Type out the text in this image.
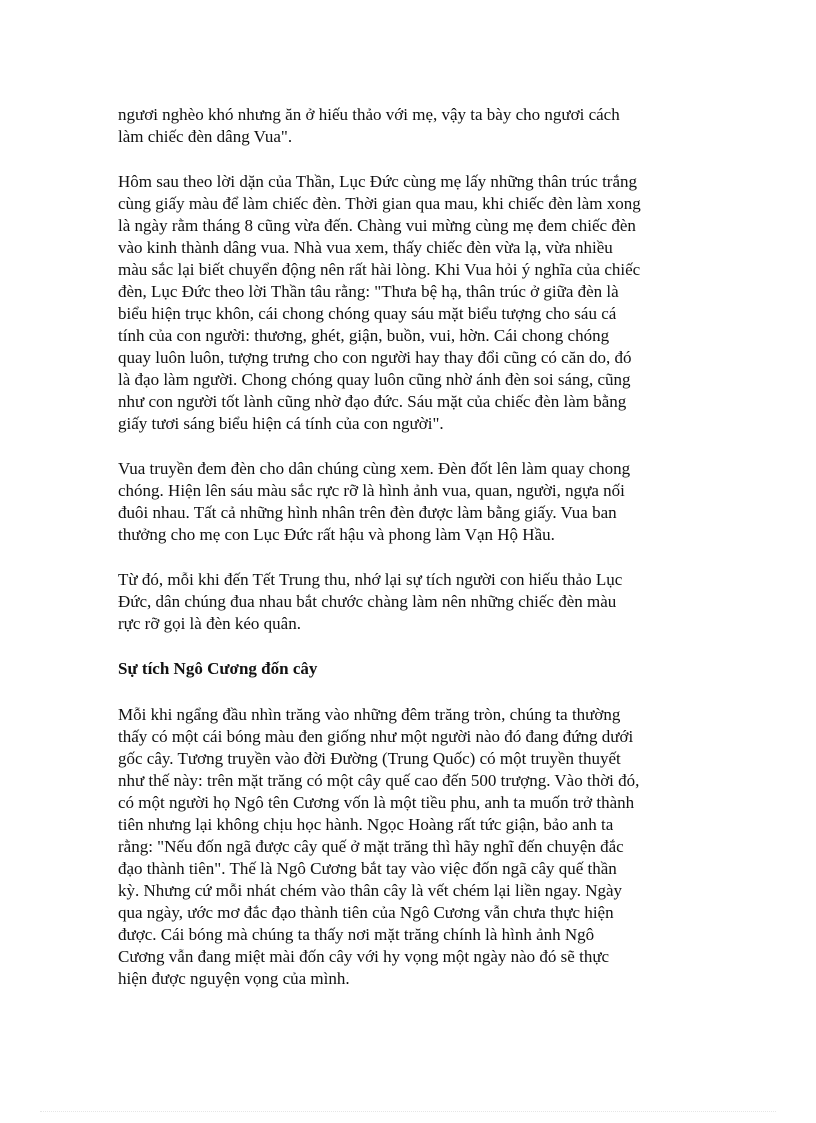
ngươi nghèo khó nhưng ăn ở hiếu thảo với mẹ, vậy ta bày cho ngươi cách
làm chiếc đèn dâng Vua".

Hôm sau theo lời dặn của Thần, Lục Đức cùng mẹ lấy những thân trúc trắng
cùng giấy màu để làm chiếc đèn. Thời gian qua mau, khi chiếc đèn làm xong
là ngày rằm tháng 8 cũng vừa đến. Chàng vui mừng cùng mẹ đem chiếc đèn
vào kinh thành dâng vua. Nhà vua xem, thấy chiếc đèn vừa lạ, vừa nhiều
màu sắc lại biết chuyển động nên rất hài lòng. Khi Vua hỏi ý nghĩa của chiếc
đèn, Lục Đức theo lời Thần tâu rằng: "Thưa bệ hạ, thân trúc ở giữa đèn là
biểu hiện trục khôn, cái chong chóng quay sáu mặt biểu tượng cho sáu cá
tính của con người: thương, ghét, giận, buồn, vui, hờn. Cái chong chóng
quay luôn luôn, tượng trưng cho con người hay thay đổi cũng có căn do, đó
là đạo làm người. Chong chóng quay luôn cũng nhờ ánh đèn soi sáng, cũng
như con người tốt lành cũng nhờ đạo đức. Sáu mặt của chiếc đèn làm bằng
giấy tươi sáng biểu hiện cá tính của con người".

Vua truyền đem đèn cho dân chúng cùng xem. Đèn đốt lên làm quay chong
chóng. Hiện lên sáu màu sắc rực rỡ là hình ảnh vua, quan, người, ngựa nối
đuôi nhau. Tất cả những hình nhân trên đèn được làm bằng giấy. Vua ban
thưởng cho mẹ con Lục Đức rất hậu và phong làm Vạn Hộ Hầu.

Từ đó, mỗi khi đến Tết Trung thu, nhớ lại sự tích người con hiếu thảo Lục
Đức, dân chúng đua nhau bắt chước chàng làm nên những chiếc đèn màu
rực rỡ gọi là đèn kéo quân.

Sự tích Ngô Cương đốn cây

Mỗi khi ngẩng đầu nhìn trăng vào những đêm trăng tròn, chúng ta thường
thấy có một cái bóng màu đen giống như một người nào đó đang đứng dưới
gốc cây. Tương truyền vào đời Đường (Trung Quốc) có một truyền thuyết
như thế này: trên mặt trăng có một cây quế cao đến 500 trượng. Vào thời đó,
có một người họ Ngô tên Cương vốn là một tiều phu, anh ta muốn trở thành
tiên nhưng lại không chịu học hành. Ngọc Hoàng rất tức giận, bảo anh ta
rằng: "Nếu đốn ngã được cây quế ở mặt trăng thì hãy nghĩ đến chuyện đắc
đạo thành tiên". Thế là Ngô Cương bắt tay vào việc đốn ngã cây quế thần
kỳ. Nhưng cứ mỗi nhát chém vào thân cây là vết chém lại liền ngay. Ngày
qua ngày, ước mơ đắc đạo thành tiên của Ngô Cương vẫn chưa thực hiện
được. Cái bóng mà chúng ta thấy nơi mặt trăng chính là hình ảnh Ngô
Cương vẫn đang miệt mài đốn cây với hy vọng một ngày nào đó sẽ thực
hiện được nguyện vọng của mình.
